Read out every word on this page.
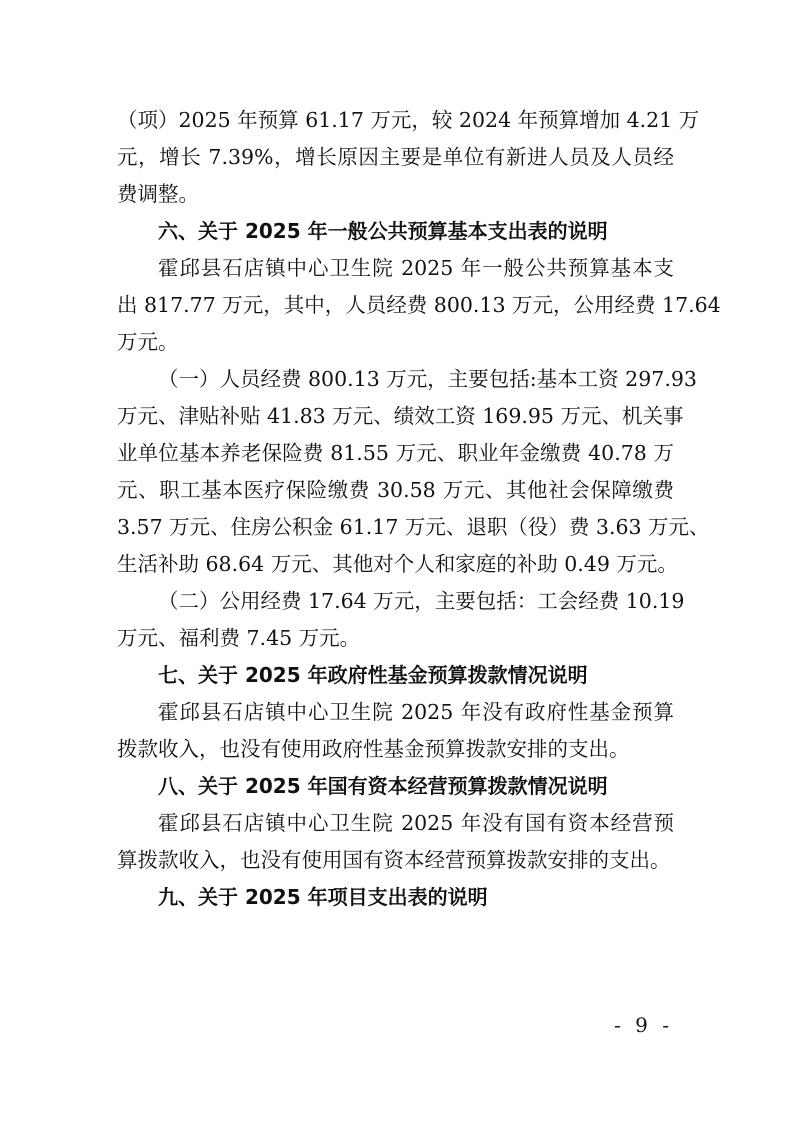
（项）2025 年预算 61.17 万元，较 2024 年预算增加 4.21 万
元，增长 7.39%，增长原因主要是单位有新进人员及人员经
费调整。
六、关于 2025 年一般公共预算基本支出表的说明
霍邱县石店镇中心卫生院 2025 年一般公共预算基本支
出 817.77 万元，其中，人员经费 800.13 万元，公用经费 17.64
万元。
（一）人员经费 800.13 万元，主要包括:基本工资 297.93
万元、津贴补贴 41.83 万元、绩效工资 169.95 万元、机关事
业单位基本养老保险费 81.55 万元、职业年金缴费 40.78 万
元、职工基本医疗保险缴费 30.58 万元、其他社会保障缴费
3.57 万元、住房公积金 61.17 万元、退职（役）费 3.63 万元、
生活补助 68.64 万元、其他对个人和家庭的补助 0.49 万元。
（二）公用经费 17.64 万元，主要包括：工会经费 10.19
万元、福利费 7.45 万元。
七、关于 2025 年政府性基金预算拨款情况说明
霍邱县石店镇中心卫生院 2025 年没有政府性基金预算
拨款收入，也没有使用政府性基金预算拨款安排的支出。
八、关于 2025 年国有资本经营预算拨款情况说明
霍邱县石店镇中心卫生院 2025 年没有国有资本经营预
算拨款收入，也没有使用国有资本经营预算拨款安排的支出。
九、关于 2025 年项目支出表的说明
- 9 -
